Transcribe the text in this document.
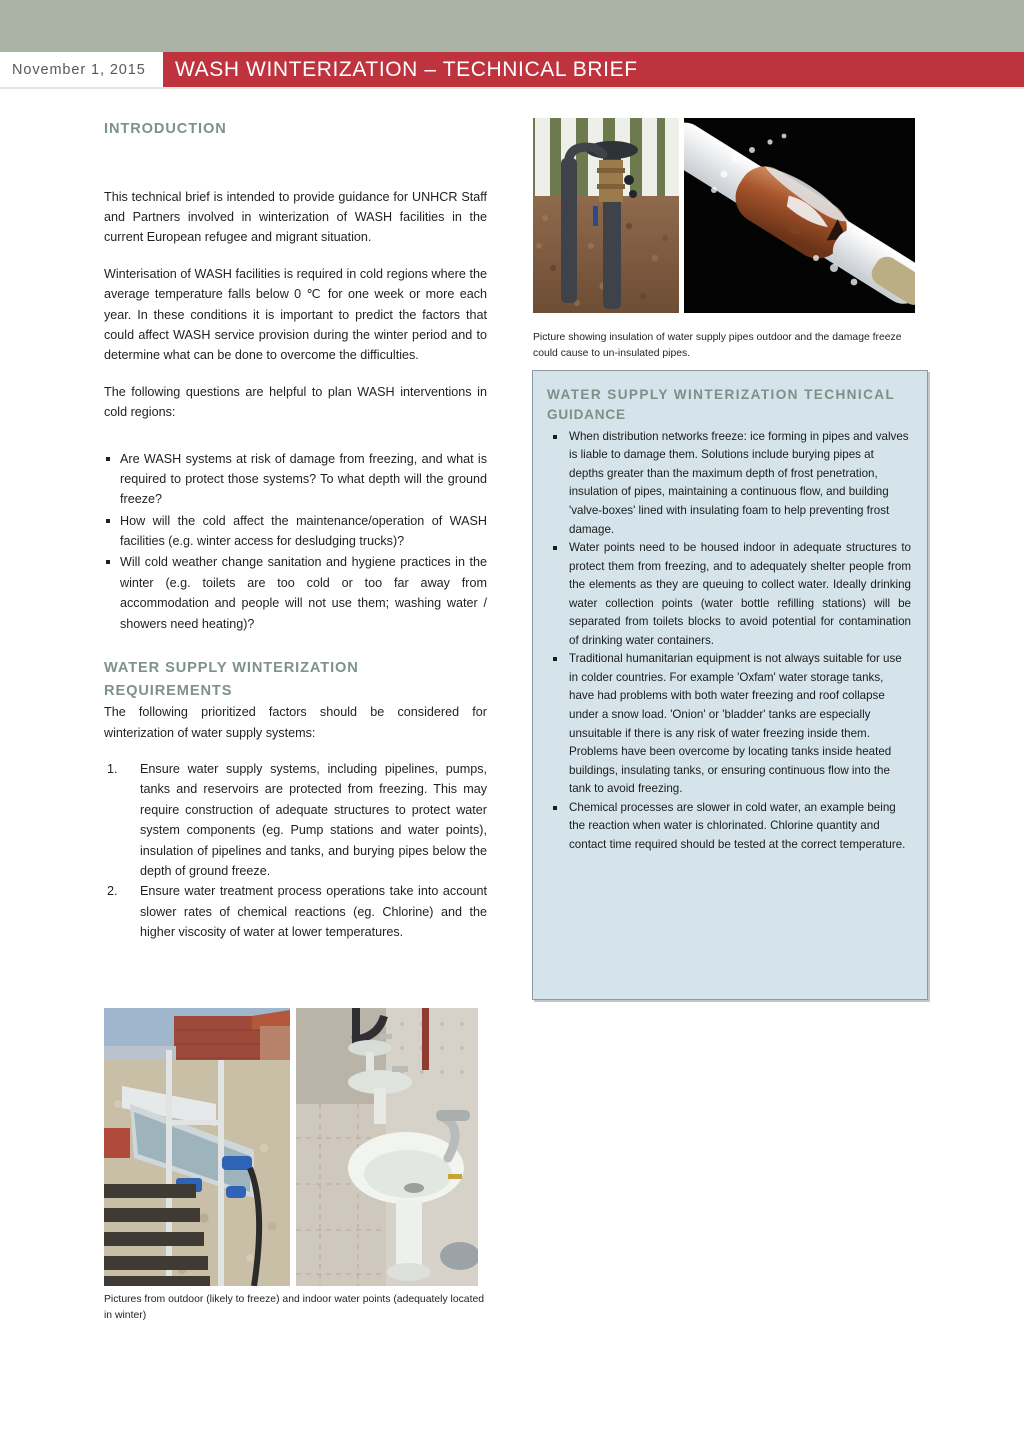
November 1, 2015	WASH WINTERIZATION – TECHNICAL BRIEF
INTRODUCTION

This technical brief is intended to provide guidance for UNHCR Staff and Partners involved in winterization of WASH facilities in the current European refugee and migrant situation.

Winterisation of WASH facilities is required in cold regions where the average temperature falls below 0 ℃ for one week or more each year. In these conditions it is important to predict the factors that could affect WASH service provision during the winter period and to determine what can be done to overcome the difficulties.

The following questions are helpful to plan WASH interventions in cold regions:

Are WASH systems at risk of damage from freezing, and what is required to protect those systems? To what depth will the ground freeze?
How will the cold affect the maintenance/operation of WASH facilities (e.g. winter access for desludging trucks)?
Will cold weather change sanitation and hygiene practices in the winter (e.g. toilets are too cold or too far away from accommodation and people will not use them; washing water / showers need heating)?
WATER SUPPLY WINTERIZATION
REQUIREMENTS

The following prioritized factors should be considered for winterization of water supply systems:

Ensure water supply systems, including pipelines, pumps, tanks and reservoirs are protected from freezing. This may require construction of adequate structures to protect water system components (eg. Pump stations and water points), insulation of pipelines and tanks, and burying pipes below the depth of ground freeze.
Ensure water treatment process operations take into account slower rates of chemical reactions (eg. Chlorine) and the higher viscosity of water at lower temperatures.

Picture showing insulation of water supply pipes outdoor and the damage freeze could cause to un-insulated pipes.

WATER SUPPLY WINTERIZATION TECHNICAL
GUIDANCE
When distribution networks freeze: ice forming in pipes and valves is liable to damage them. Solutions include burying pipes at depths greater than the maximum depth of frost penetration, insulation of pipes, maintaining a continuous flow, and building 'valve-boxes' lined with insulating foam to help preventing frost damage.
Water points need to be housed indoor in adequate structures to protect them from freezing, and to adequately shelter people from the elements as they are queuing to collect water. Ideally drinking water collection points (water bottle refilling stations) will be separated from toilets blocks to avoid potential for contamination of drinking water containers.
Traditional humanitarian equipment is not always suitable for use in colder countries. For example 'Oxfam' water storage tanks, have had problems with both water freezing and roof collapse under a snow load. 'Onion' or 'bladder' tanks are especially unsuitable if there is any risk of water freezing inside them. Problems have been overcome by locating tanks inside heated buildings, insulating tanks, or ensuring continuous flow into the tank to avoid freezing.
Chemical processes are slower in cold water, an example being the reaction when water is chlorinated. Chlorine quantity and contact time required should be tested at the correct temperature.

Pictures from outdoor (likely to freeze) and indoor water points (adequately located in winter)
